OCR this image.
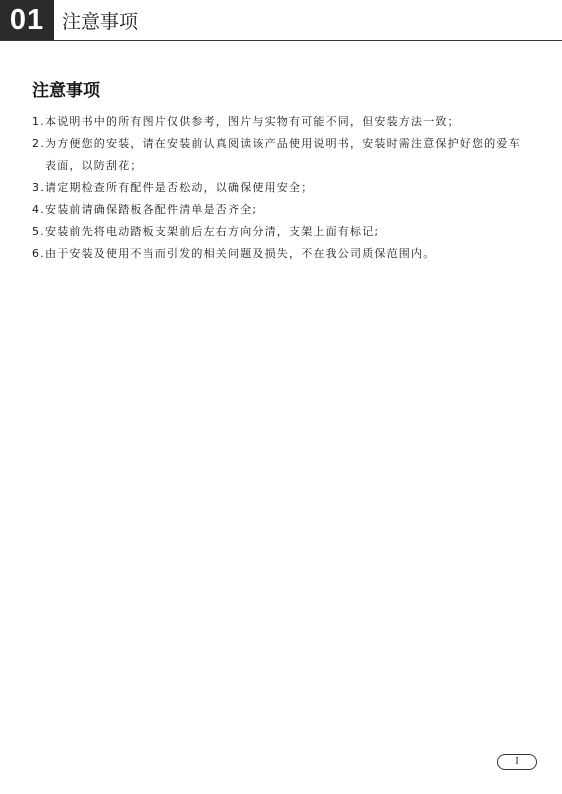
01 注意事项
注意事项
1. 本说明书中的所有图片仅供参考，图片与实物有可能不同，但安装方法一致；
2. 为方便您的安装，请在安装前认真阅读该产品使用说明书，安装时需注意保护好您的爱车表面，以防刮花；
3. 请定期检查所有配件是否松动，以确保使用安全；
4. 安装前请确保踏板各配件清单是否齐全;
5. 安装前先将电动踏板支架前后左右方向分清，支架上面有标记;
6. 由于安装及使用不当而引发的相关问题及损失，不在我公司质保范围内。
I
